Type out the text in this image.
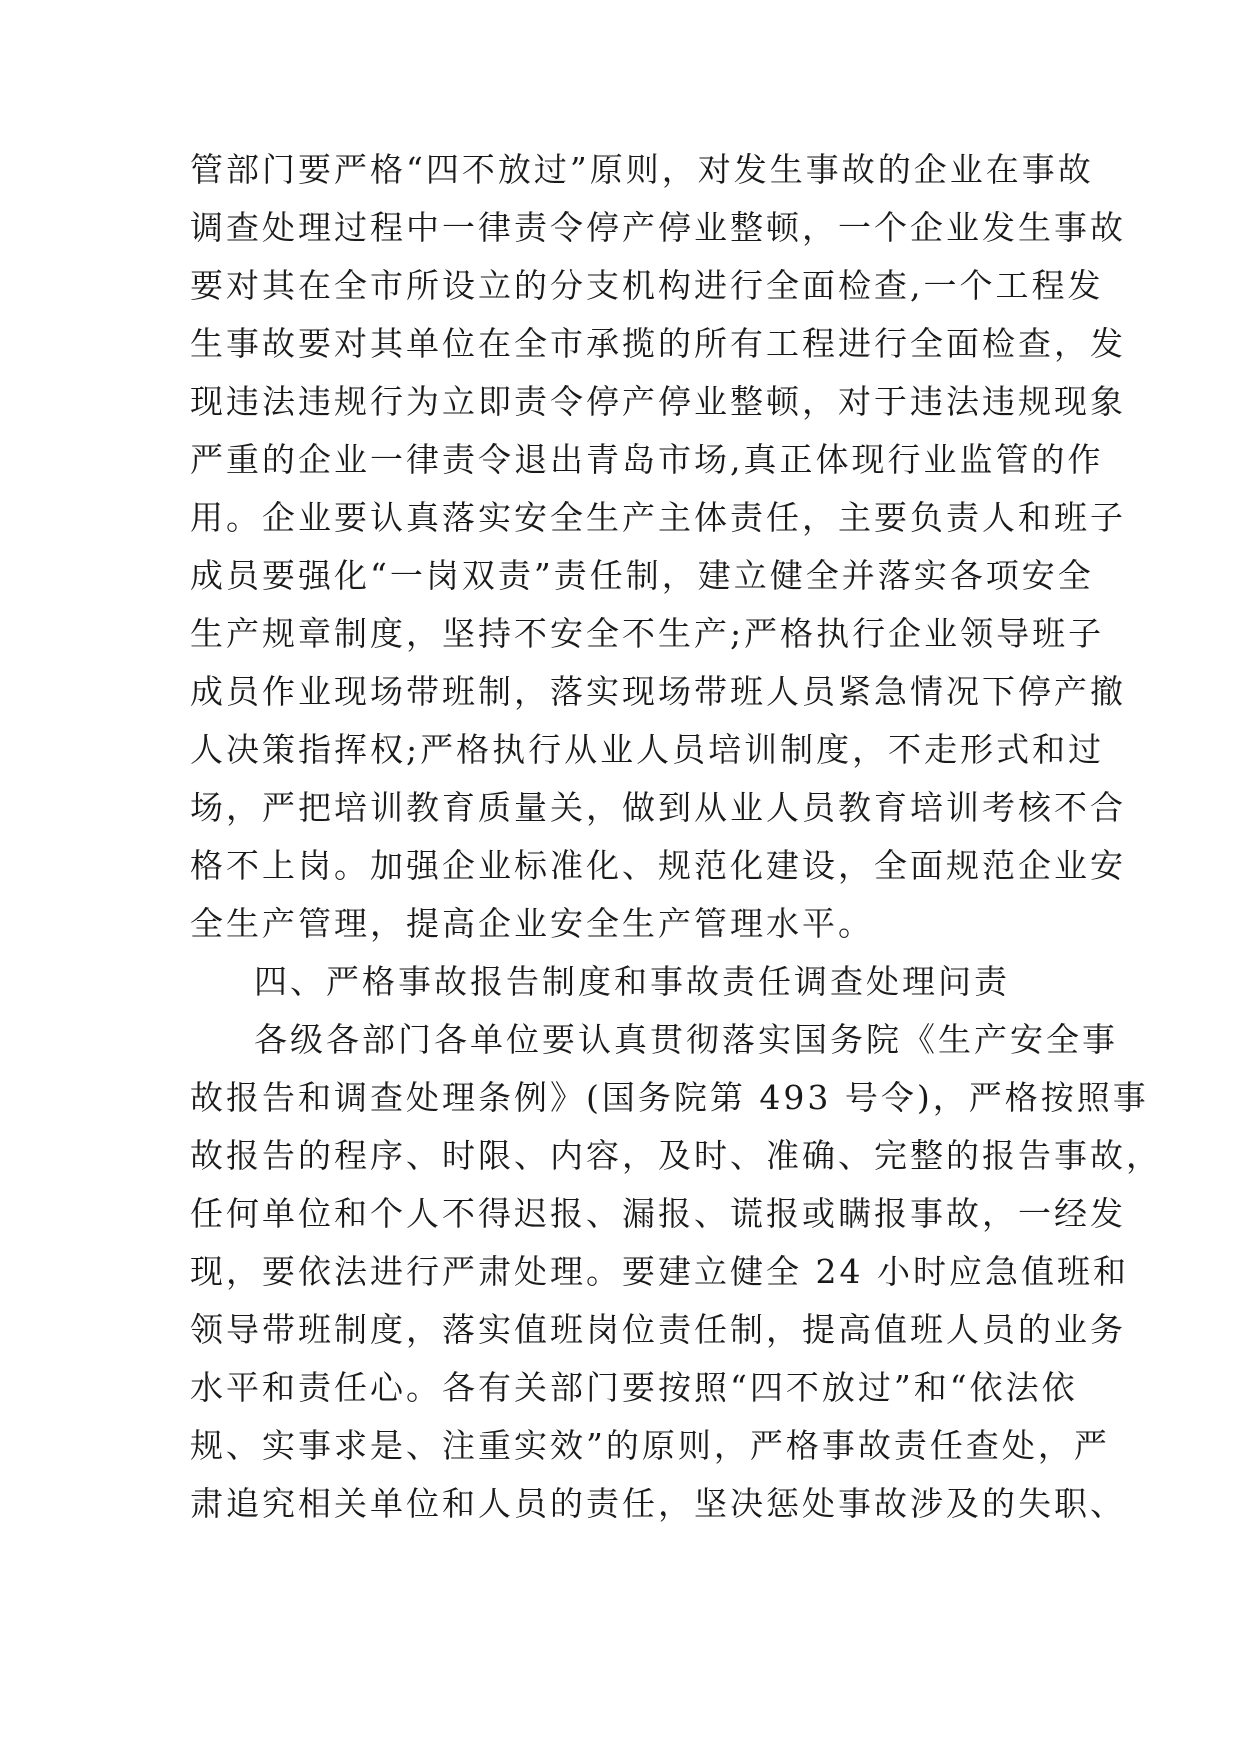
管部门要严格“四不放过”原则，对发生事故的企业在事故
调查处理过程中一律责令停产停业整顿，一个企业发生事故
要对其在全市所设立的分支机构进行全面检查,一个工程发
生事故要对其单位在全市承揽的所有工程进行全面检查，发
现违法违规行为立即责令停产停业整顿，对于违法违规现象
严重的企业一律责令退出青岛市场,真正体现行业监管的作
用。企业要认真落实安全生产主体责任，主要负责人和班子
成员要强化“一岗双责”责任制，建立健全并落实各项安全
生产规章制度，坚持不安全不生产;严格执行企业领导班子
成员作业现场带班制，落实现场带班人员紧急情况下停产撤
人决策指挥权;严格执行从业人员培训制度，不走形式和过
场，严把培训教育质量关，做到从业人员教育培训考核不合
格不上岗。加强企业标准化、规范化建设，全面规范企业安
全生产管理，提高企业安全生产管理水平。
四、严格事故报告制度和事故责任调查处理问责
各级各部门各单位要认真贯彻落实国务院《生产安全事
故报告和调查处理条例》(国务院第 493 号令)，严格按照事
故报告的程序、时限、内容，及时、准确、完整的报告事故，
任何单位和个人不得迟报、漏报、谎报或瞒报事故，一经发
现，要依法进行严肃处理。要建立健全 24 小时应急值班和
领导带班制度，落实值班岗位责任制，提高值班人员的业务
水平和责任心。各有关部门要按照“四不放过”和“依法依
规、实事求是、注重实效”的原则，严格事故责任查处，严
肃追究相关单位和人员的责任，坚决惩处事故涉及的失职、
